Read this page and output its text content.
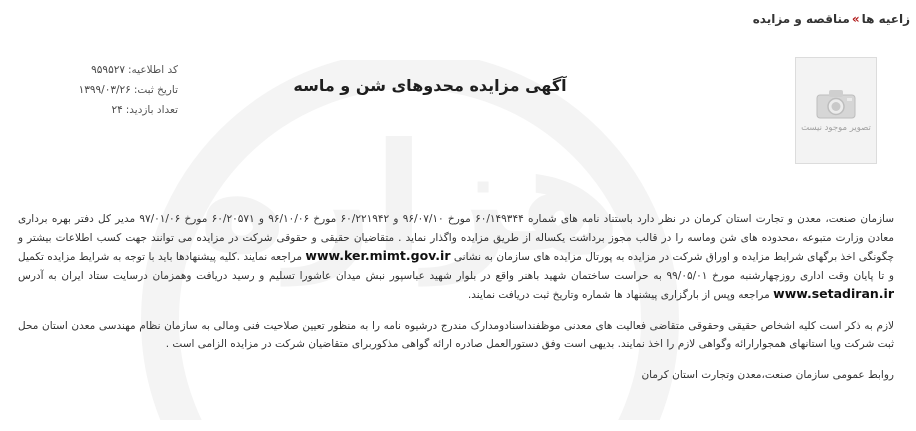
زاعیه ها»مناقصه و مزایده
تصویر موجود نیست
آگهی مزایده محدوهای شن و ماسه
کد اطلاعیه:۹۵۹۵۲۷
تاریخ ثبت:۱۳۹۹/۰۳/۲۶
تعداد بازدید:۲۴

سازمان صنعت، معدن و تجارت استان کرمان در نظر دارد باستناد نامه های شماره ۶۰/۱۴۹۳۴۴ مورخ ۹۶/۰۷/۱۰ و ۶۰/۲۲۱۹۴۲ مورخ ۹۶/۱۰/۰۶ و ۶۰/۲۰۵۷۱ مورخ ۹۷/۰۱/۰۶ مدیر کل دفتر بهره برداری معادن وزارت متبوعه ،محدوده های شن وماسه را در قالب مجوز برداشت یکساله از طریق مزایده واگذار نماید . متقاضیان حقیقی و حقوقی شرکت در مزایده می توانند جهت کسب اطلاعات بیشتر و چگونگی اخذ برگهای شرایط مزایده و اوراق شرکت در مزایده به پورتال مزایده های سازمان به نشانی www.ker.mimt.gov.ir مراجعه نمایند .کلیه پیشنهادها باید با توجه به شرایط مزایده تکمیل و تا پایان وقت اداری روزچهارشنبه مورخ ۹۹/۰۵/۰۱ به حراست ساختمان شهید باهنر واقع در بلوار شهید عباسپور نبش میدان عاشورا تسلیم و رسید دریافت وهمزمان درسایت ستاد ایران به آدرس www.setadiran.ir مراجعه وپس از بارگزاری پیشنهاد ها شماره وتاریخ ثبت دریافت نمایند.

لازم به ذکر است کلیه اشخاص حقیقی وحقوقی متقاضی فعالیت های معدنی موظفنداسنادومدارک مندرج درشیوه نامه را به منظور تعیین صلاحیت فنی ومالی به سازمان نظام مهندسی معدن استان محل ثبت شرکت ویا استانهای همجوارارائه وگواهی لازم را اخذ نمایند. بدیهی است وفق دستورالعمل صادره ارائه گواهی مذکوربرای متقاضیان شرکت در مزایده الزامی است .

روابط عمومی سازمان صنعت،معدن وتجارت استان کرمان
